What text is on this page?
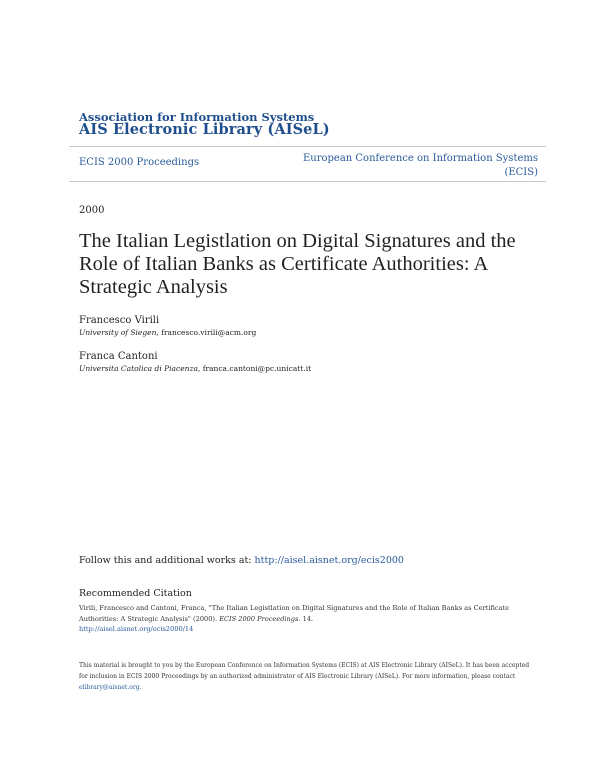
Association for Information Systems
AIS Electronic Library (AISeL)
ECIS 2000 Proceedings	European Conference on Information Systems (ECIS)
2000
The Italian Legistlation on Digital Signatures and the Role of Italian Banks as Certificate Authorities: A Strategic Analysis
Francesco Virili
University of Siegen, francesco.virili@acm.org
Franca Cantoni
Universita Catolica di Piacenza, franca.cantoni@pc.unicatt.it
Follow this and additional works at: http://aisel.aisnet.org/ecis2000
Recommended Citation
Virili, Francesco and Cantoni, Franca, "The Italian Legistlation on Digital Signatures and the Role of Italian Banks as Certificate Authorities: A Strategic Analysis" (2000). ECIS 2000 Proceedings. 14.
http://aisel.aisnet.org/ecis2000/14
This material is brought to you by the European Conference on Information Systems (ECIS) at AIS Electronic Library (AISeL). It has been accepted for inclusion in ECIS 2000 Proceedings by an authorized administrator of AIS Electronic Library (AISeL). For more information, please contact elibrary@aisnet.org.
